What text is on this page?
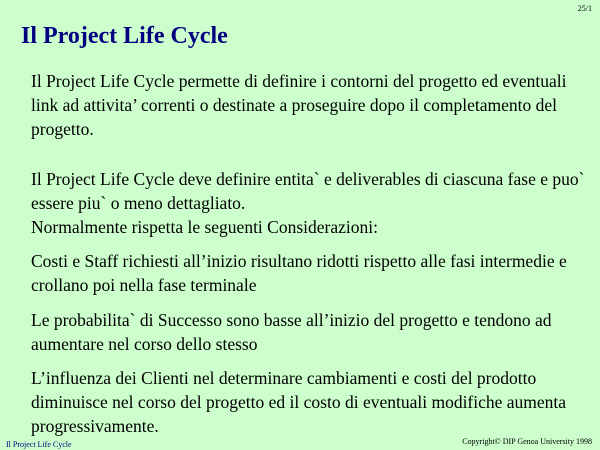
25/1
Il Project Life Cycle

Il Project Life Cycle permette di definire i contorni del progetto ed eventuali link ad attivita’ correnti o destinate a proseguire dopo il completamento del progetto.

Il Project Life Cycle deve definire entita` e deliverables di ciascuna fase e puo` essere piu` o meno dettagliato.
Normalmente rispetta le seguenti Considerazioni:

Costi e Staff richiesti all’inizio risultano ridotti rispetto alle fasi intermedie e crollano poi nella fase terminale

Le probabilita` di Successo sono basse all’inizio del progetto e tendono ad aumentare nel corso dello stesso

L’influenza dei Clienti nel determinare cambiamenti e costi del prodotto diminuisce nel corso del progetto ed il costo di eventuali modifiche aumenta progressivamente.

Il Project Life Cycle	Copyright© DIP Genoa University 1998
